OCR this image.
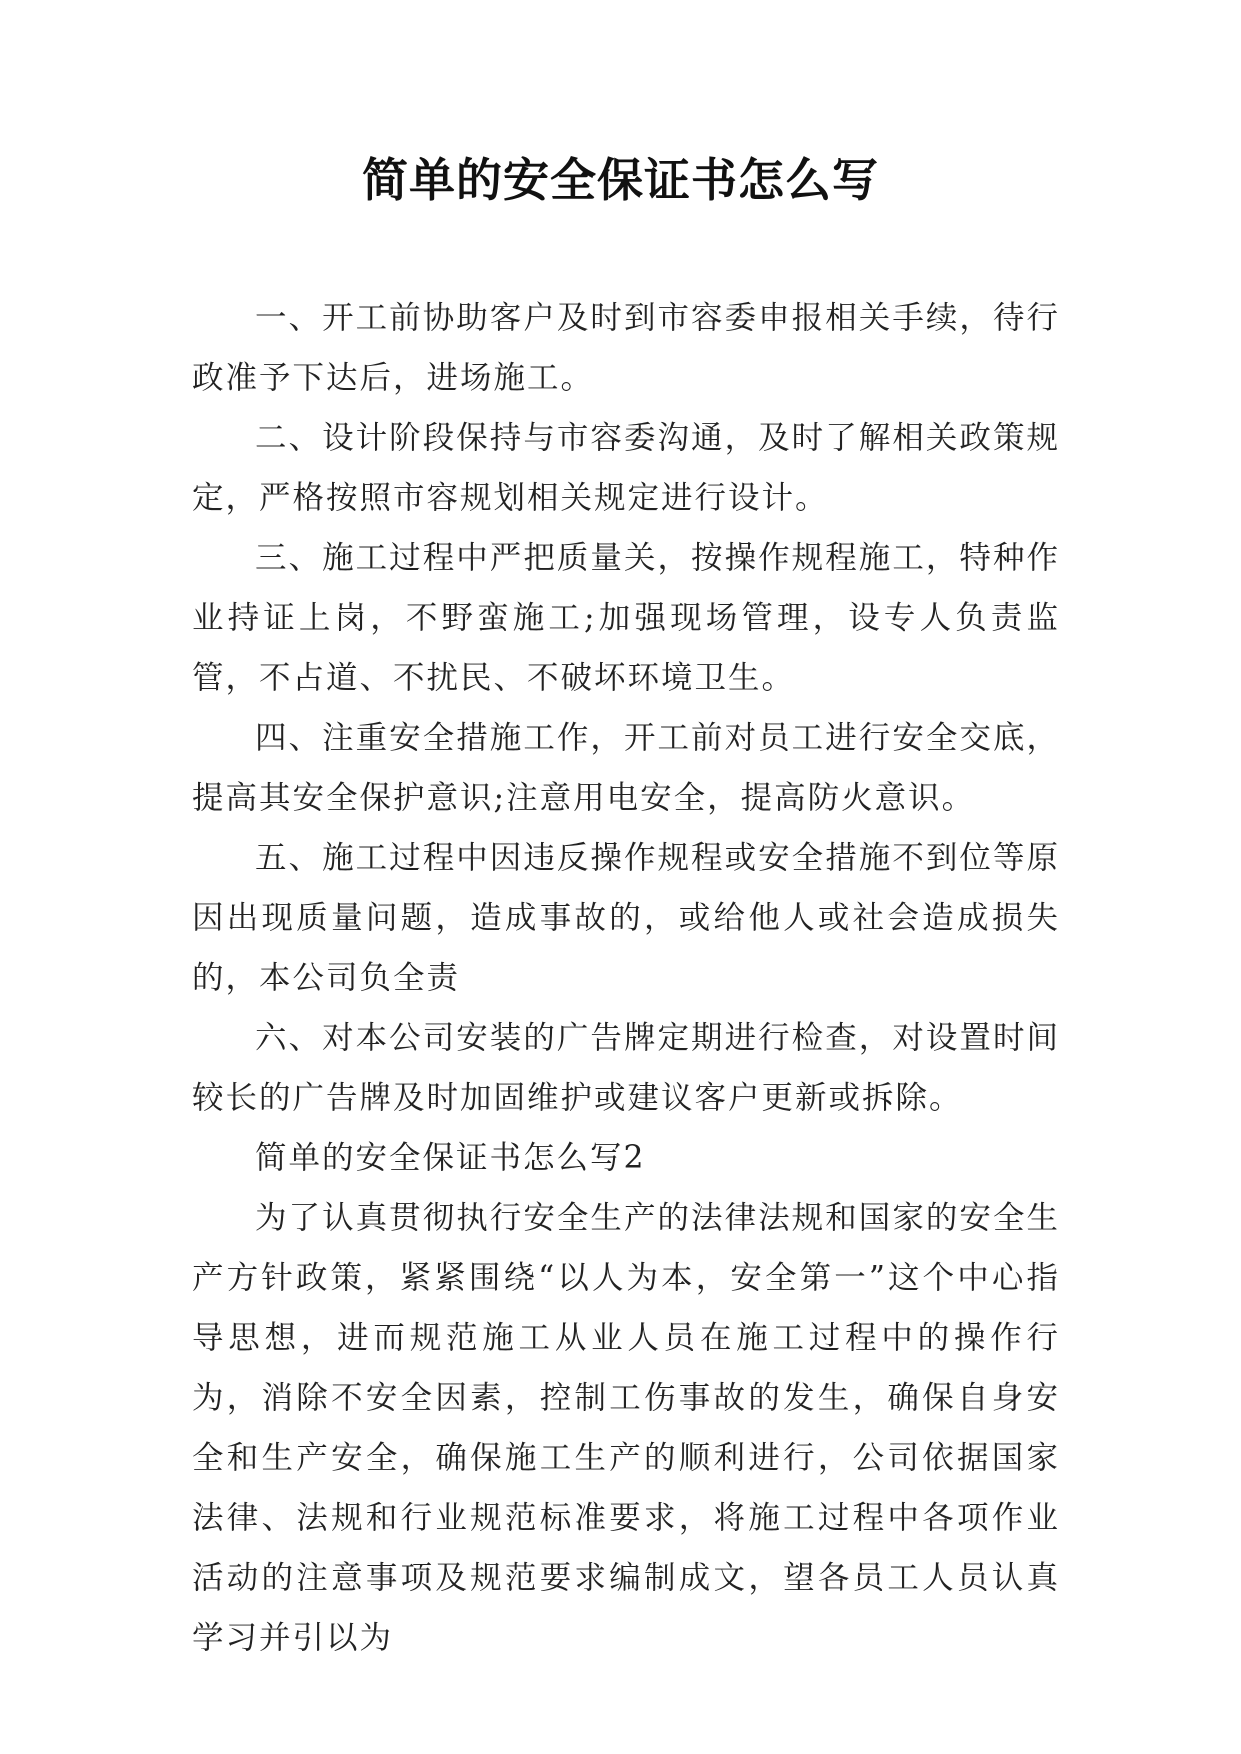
简单的安全保证书怎么写

一、开工前协助客户及时到市容委申报相关手续，待行政准予下达后，进场施工。

二、设计阶段保持与市容委沟通，及时了解相关政策规定，严格按照市容规划相关规定进行设计。

三、施工过程中严把质量关，按操作规程施工，特种作业持证上岗，不野蛮施工;加强现场管理，设专人负责监管，不占道、不扰民、不破坏环境卫生。

四、注重安全措施工作，开工前对员工进行安全交底，提高其安全保护意识;注意用电安全，提高防火意识。

五、施工过程中因违反操作规程或安全措施不到位等原因出现质量问题，造成事故的，或给他人或社会造成损失的，本公司负全责

六、对本公司安装的广告牌定期进行检查，对设置时间较长的广告牌及时加固维护或建议客户更新或拆除。

简单的安全保证书怎么写2

为了认真贯彻执行安全生产的法律法规和国家的安全生产方针政策，紧紧围绕“以人为本，安全第一”这个中心指导思想，进而规范施工从业人员在施工过程中的操作行为，消除不安全因素，控制工伤事故的发生，确保自身安全和生产安全，确保施工生产的顺利进行，公司依据国家法律、法规和行业规范标准要求，将施工过程中各项作业活动的注意事项及规范要求编制成文，望各员工人员认真学习并引以为
